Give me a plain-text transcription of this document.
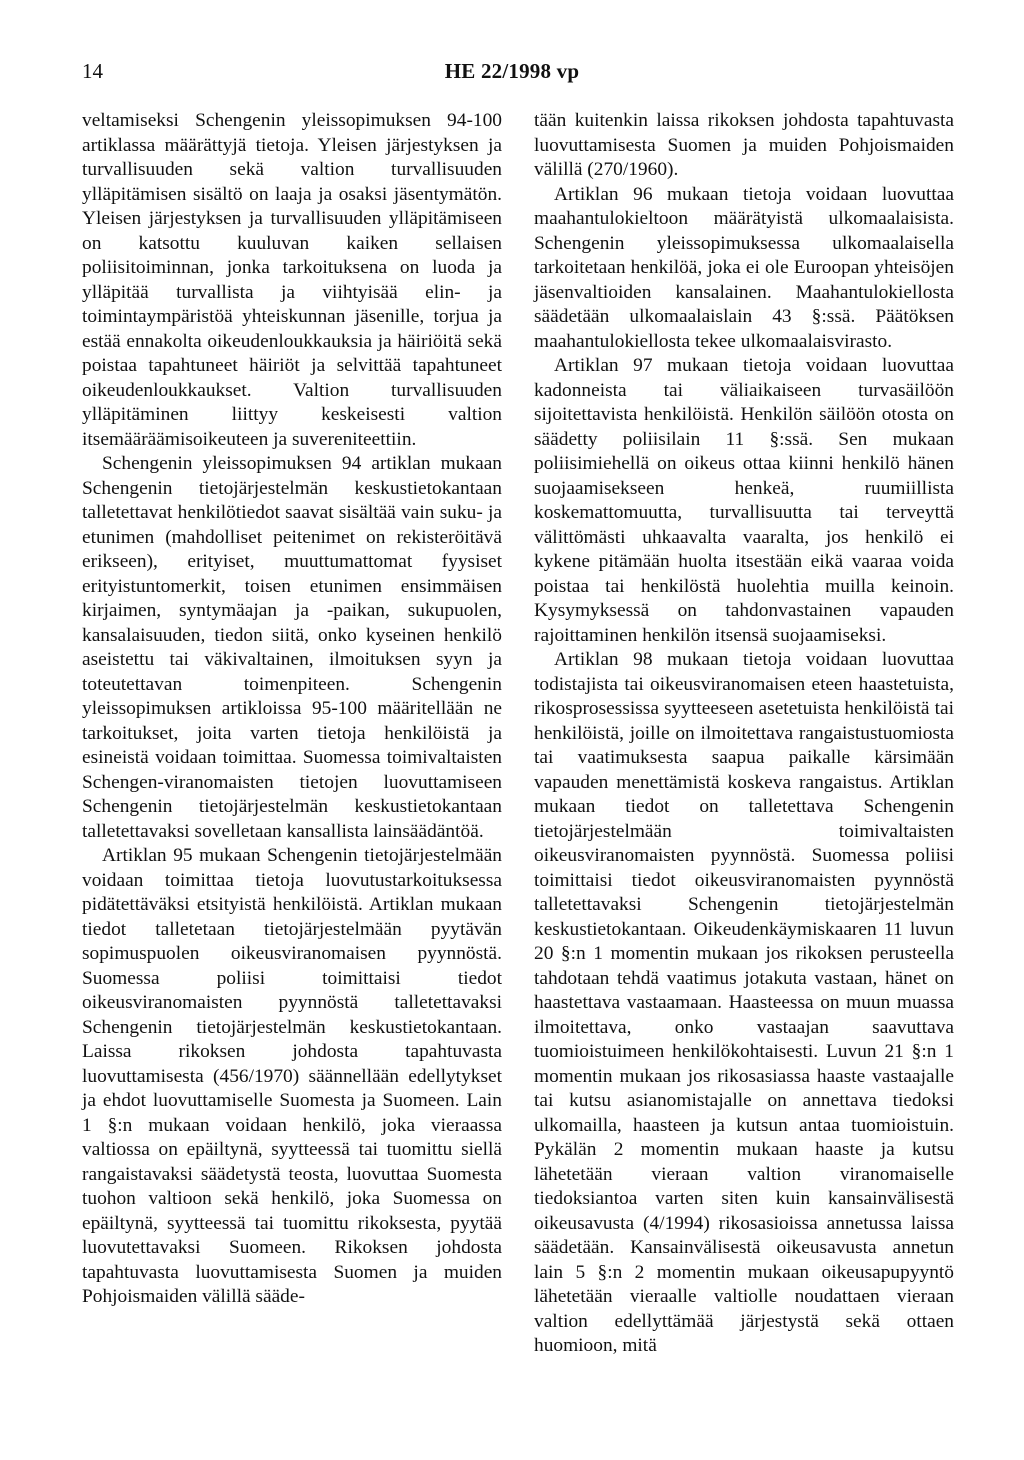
14	HE 22/1998 vp

veltamiseksi Schengenin yleissopimuksen 94-100 artiklassa määrättyjä tietoja. Yleisen järjestyksen ja turvallisuuden sekä valtion turvallisuuden ylläpitämisen sisältö on laaja ja osaksi jäsentymätön. Yleisen järjestyksen ja turvallisuuden ylläpitämiseen on katsottu kuuluvan kaiken sellaisen poliisitoiminnan, jonka tarkoituksena on luoda ja ylläpitää turvallista ja viihtyisää elin- ja toimintaympäristöä yhteiskunnan jäsenille, torjua ja estää ennakolta oikeudenloukkauksia ja häiriöitä sekä poistaa tapahtuneet häiriöt ja selvittää tapahtuneet oikeudenloukkaukset. Valtion turvallisuuden ylläpitäminen liittyy keskeisesti valtion itsemääräämisoikeuteen ja suvereniteettiin.

Schengenin yleissopimuksen 94 artiklan mukaan Schengenin tietojärjestelmän keskustietokantaan talletettavat henkilötiedot saavat sisältää vain suku- ja etunimen (mahdolliset peitenimet on rekisteröitävä erikseen), erityiset, muuttumattomat fyysiset erityistuntomerkit, toisen etunimen ensimmäisen kirjaimen, syntymäajan ja -paikan, sukupuolen, kansalaisuuden, tiedon siitä, onko kyseinen henkilö aseistettu tai väkivaltainen, ilmoituksen syyn ja toteutettavan toimenpiteen. Schengenin yleissopimuksen artikloissa 95-100 määritellään ne tarkoitukset, joita varten tietoja henkilöistä ja esineistä voidaan toimittaa. Suomessa toimivaltaisten Schengen-viranomaisten tietojen luovuttamiseen Schengenin tietojärjestelmän keskustietokantaan talletettavaksi sovelletaan kansallista lainsäädäntöä.

Artiklan 95 mukaan Schengenin tietojärjestelmään voidaan toimittaa tietoja luovutustarkoituksessa pidätettäväksi etsityistä henkilöistä. Artiklan mukaan tiedot talletetaan tietojärjestelmään pyytävän sopimuspuolen oikeusviranomaisen pyynnöstä. Suomessa poliisi toimittaisi tiedot oikeusviranomaisten pyynnöstä talletettavaksi Schengenin tietojärjestelmän keskustietokantaan. Laissa rikoksen johdosta tapahtuvasta luovuttamisesta (456/1970) säännellään edellytykset ja ehdot luovuttamiselle Suomesta ja Suomeen. Lain 1 §:n mukaan voidaan henkilö, joka vieraassa valtiossa on epäiltynä, syytteessä tai tuomittu siellä rangaistavaksi säädetystä teosta, luovuttaa Suomesta tuohon valtioon sekä henkilö, joka Suomessa on epäiltynä, syytteessä tai tuomittu rikoksesta, pyytää luovutettavaksi Suomeen. Rikoksen johdosta tapahtuvasta luovuttamisesta Suomen ja muiden Pohjoismaiden välillä sääde-

tään kuitenkin laissa rikoksen johdosta tapahtuvasta luovuttamisesta Suomen ja muiden Pohjoismaiden välillä (270/1960).

Artiklan 96 mukaan tietoja voidaan luovuttaa maahantulokieltoon määrätyistä ulkomaalaisista. Schengenin yleissopimuksessa ulkomaalaisella tarkoitetaan henkilöä, joka ei ole Euroopan yhteisöjen jäsenvaltioiden kansalainen. Maahantulokiellosta säädetään ulkomaalaislain 43 §:ssä. Päätöksen maahantulokiellosta tekee ulkomaalaisvirasto.

Artiklan 97 mukaan tietoja voidaan luovuttaa kadonneista tai väliaikaiseen turvasäilöön sijoitettavista henkilöistä. Henkilön säilöön otosta on säädetty poliisilain 11 §:ssä. Sen mukaan poliisimiehellä on oikeus ottaa kiinni henkilö hänen suojaamisekseen henkeä, ruumiillista koskemattomuutta, turvallisuutta tai terveyttä välittömästi uhkaavalta vaaralta, jos henkilö ei kykene pitämään huolta itsestään eikä vaaraa voida poistaa tai henkilöstä huolehtia muilla keinoin. Kysymyksessä on tahdonvastainen vapauden rajoittaminen henkilön itsensä suojaamiseksi.

Artiklan 98 mukaan tietoja voidaan luovuttaa todistajista tai oikeusviranomaisen eteen haastetuista, rikosprosessissa syytteeseen asetetuista henkilöistä tai henkilöistä, joille on ilmoitettava rangaistustuomiosta tai vaatimuksesta saapua paikalle kärsimään vapauden menettämistä koskeva rangaistus. Artiklan mukaan tiedot on talletettava Schengenin tietojärjestelmään toimivaltaisten oikeusviranomaisten pyynnöstä. Suomessa poliisi toimittaisi tiedot oikeusviranomaisten pyynnöstä talletettavaksi Schengenin tietojärjestelmän keskustietokantaan. Oikeudenkäymiskaaren 11 luvun 20 §:n 1 momentin mukaan jos rikoksen perusteella tahdotaan tehdä vaatimus jotakuta vastaan, hänet on haastettava vastaamaan. Haasteessa on muun muassa ilmoitettava, onko vastaajan saavuttava tuomioistuimeen henkilökohtaisesti. Luvun 21 §:n 1 momentin mukaan jos rikosasiassa haaste vastaajalle tai kutsu asianomistajalle on annettava tiedoksi ulkomailla, haasteen ja kutsun antaa tuomioistuin. Pykälän 2 momentin mukaan haaste ja kutsu lähetetään vieraan valtion viranomaiselle tiedoksiantoa varten siten kuin kansainvälisestä oikeusavusta (4/1994) rikosasioissa annetussa laissa säädetään. Kansainvälisestä oikeusavusta annetun lain 5 §:n 2 momentin mukaan oikeusapupyyntö lähetetään vieraalle valtiolle noudattaen vieraan valtion edellyttämää järjestystä sekä ottaen huomioon, mitä
